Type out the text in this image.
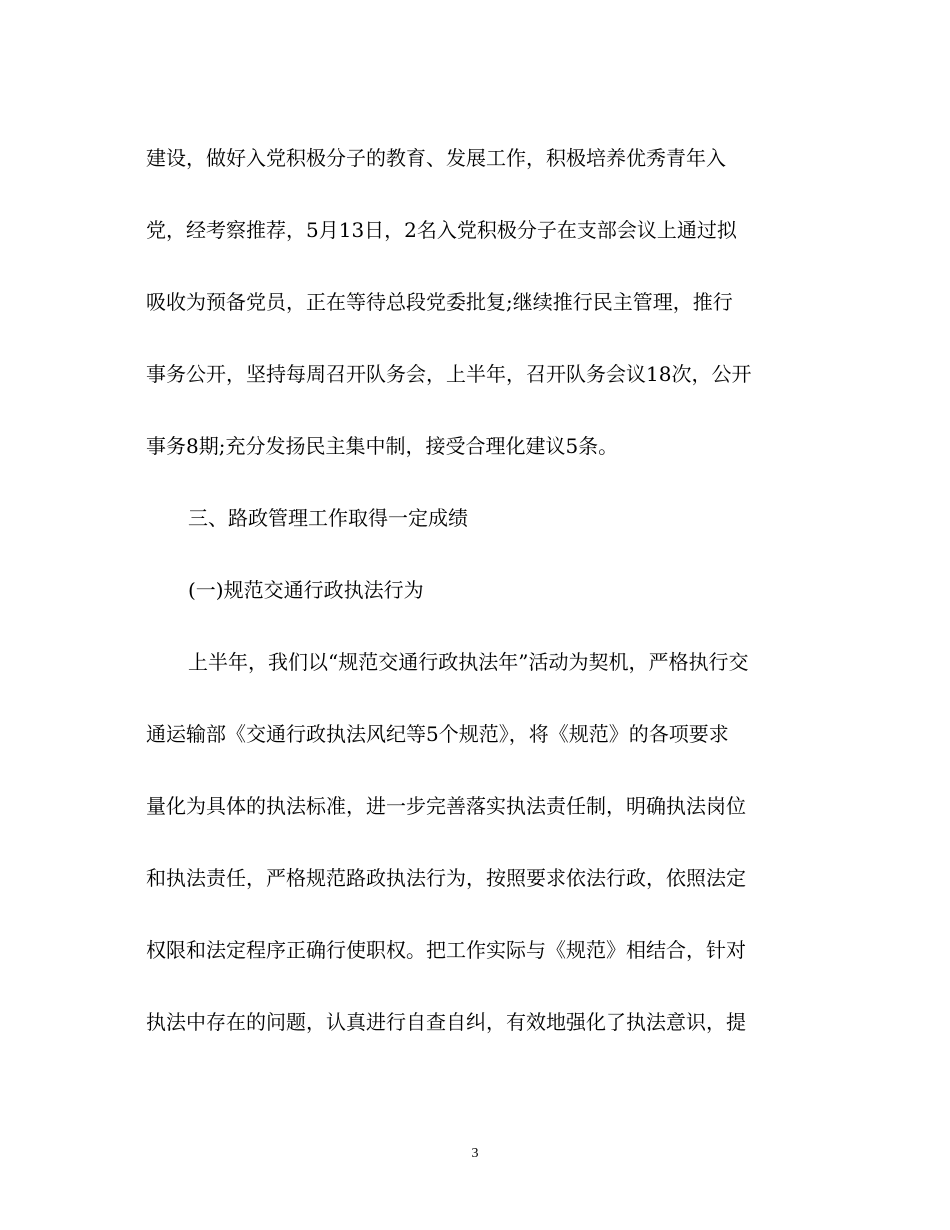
建设，做好入党积极分子的教育、发展工作，积极培养优秀青年入
党，经考察推荐，5月13日，2名入党积极分子在支部会议上通过拟
吸收为预备党员，正在等待总段党委批复;继续推行民主管理，推行
事务公开，坚持每周召开队务会，上半年，召开队务会议18次，公开
事务8期;充分发扬民主集中制，接受合理化建议5条。
三、路政管理工作取得一定成绩
(一)规范交通行政执法行为
上半年，我们以“规范交通行政执法年”活动为契机，严格执行交
通运输部《交通行政执法风纪等5个规范》，将《规范》的各项要求
量化为具体的执法标准，进一步完善落实执法责任制，明确执法岗位
和执法责任，严格规范路政执法行为，按照要求依法行政，依照法定
权限和法定程序正确行使职权。把工作实际与《规范》相结合，针对
执法中存在的问题，认真进行自查自纠，有效地强化了执法意识，提
3
